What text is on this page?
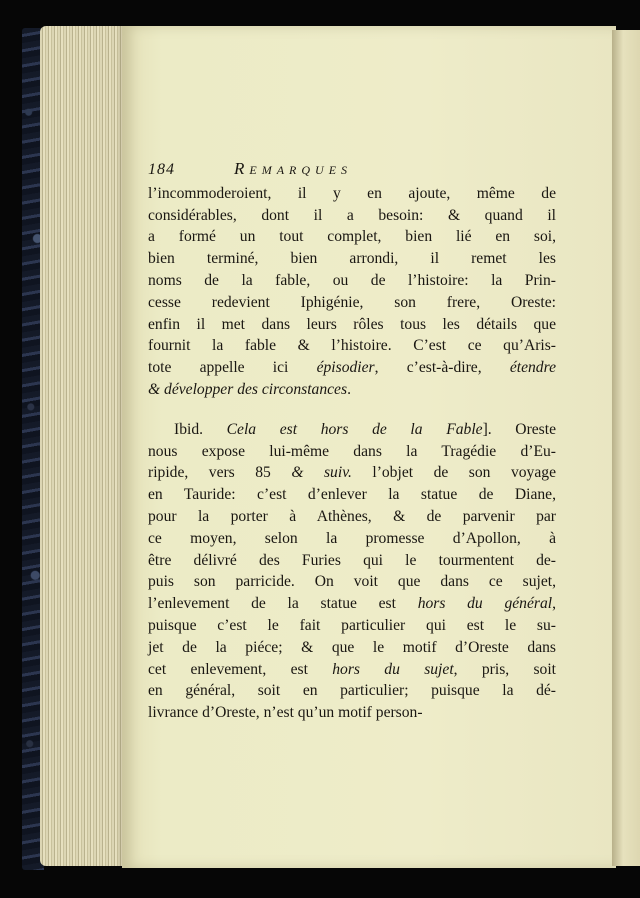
184	Remarques
l’incommoderoient, il y en ajoute, même de
considérables, dont il a besoin: & quand il
a formé un tout complet, bien lié en soi,
bien terminé, bien arrondi, il remet les
noms de la fable, ou de l’histoire: la Prin-
cesse redevient Iphigénie, son frere, Oreste:
enfin il met dans leurs rôles tous les détails que
fournit la fable & l’histoire. C’est ce qu’Aris-
tote appelle ici épisodier, c’est-à-dire, étendre
& développer des circonstances.
Ibid. Cela est hors de la Fable]. Oreste
nous expose lui-même dans la Tragédie d’Eu-
ripide, vers 85 & suiv. l’objet de son voyage
en Tauride: c’est d’enlever la statue de Diane,
pour la porter à Athènes, & de parvenir par
ce moyen, selon la promesse d’Apollon, à
être délivré des Furies qui le tourmentent de-
puis son parricide. On voit que dans ce sujet,
l’enlevement de la statue est hors du général,
puisque c’est le fait particulier qui est le su-
jet de la piéce; & que le motif d’Oreste dans
cet enlevement, est hors du sujet, pris, soit
en général, soit en particulier; puisque la dé-
livrance d’Oreste, n’est qu’un motif person-
